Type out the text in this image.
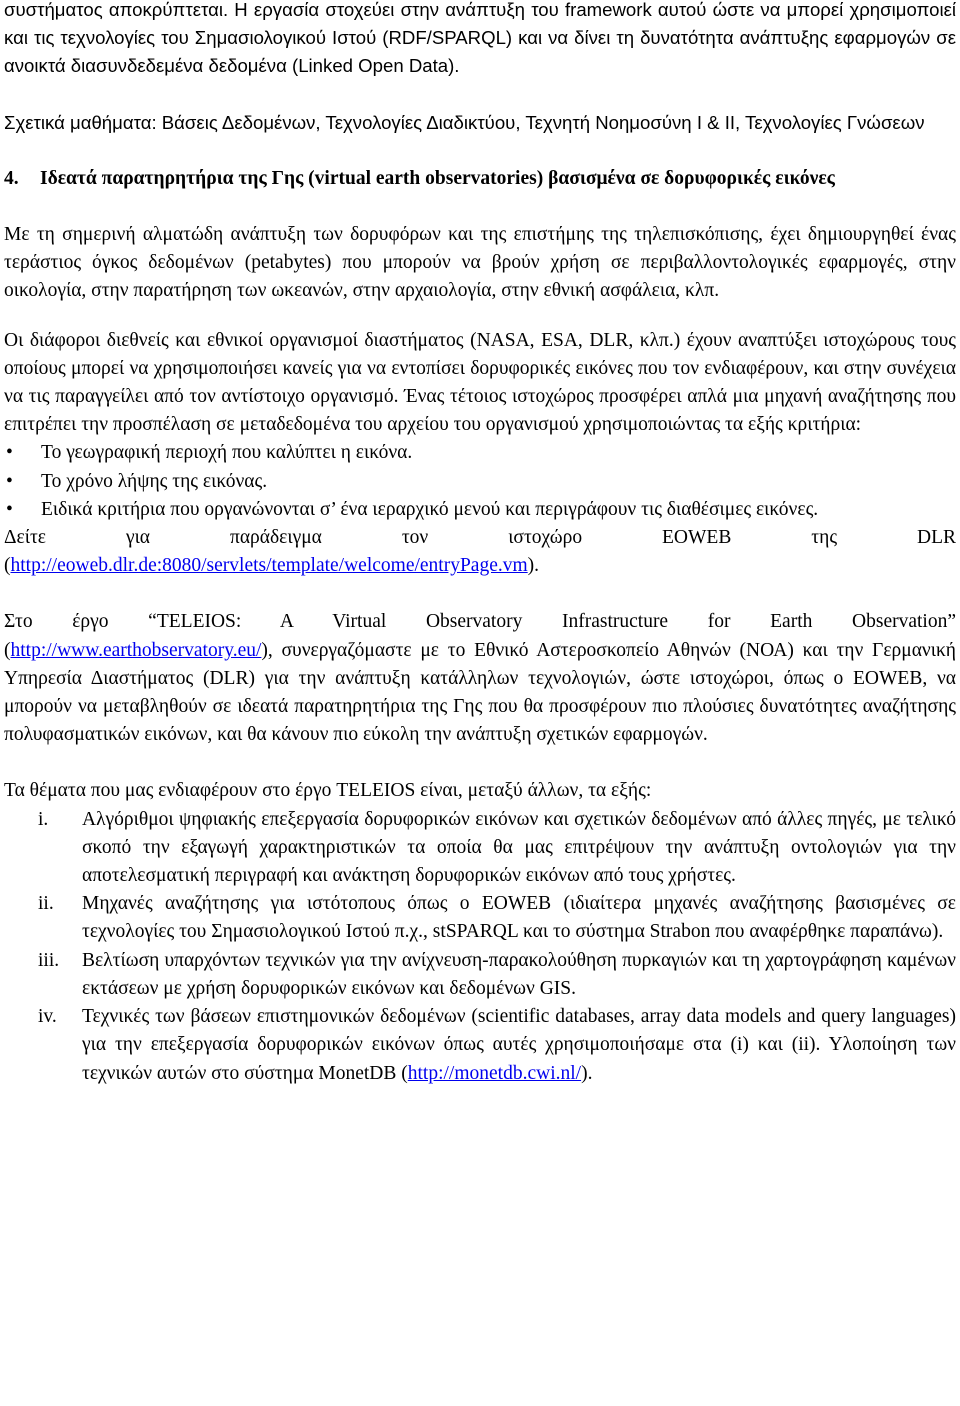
συστήματος αποκρύπτεται. Η εργασία στοχεύει στην ανάπτυξη του framework αυτού ώστε να μπορεί χρησιμοποιεί και τις τεχνολογίες του Σημασιολογικού Ιστού (RDF/SPARQL) και να δίνει τη δυνατότητα ανάπτυξης εφαρμογών σε ανοικτά διασυνδεδεμένα δεδομένα (Linked Open Data).

Σχετικά μαθήματα: Βάσεις Δεδομένων, Τεχνολογίες Διαδικτύου, Τεχνητή Νοημοσύνη Ι & ΙΙ, Τεχνολογίες Γνώσεων

4.	Ιδεατά παρατηρητήρια της Γης (virtual earth observatories) βασισμένα σε δορυφορικές εικόνες

Με τη σημερινή αλματώδη ανάπτυξη των δορυφόρων και της επιστήμης της τηλεπισκόπισης, έχει δημιουργηθεί ένας τεράστιος όγκος δεδομένων (petabytes) που μπορούν να βρούν χρήση σε περιβαλλοντολογικές εφαρμογές, στην οικολογία, στην παρατήρηση των ωκεανών, στην αρχαιολογία, στην εθνική ασφάλεια, κλπ.

Οι διάφοροι διεθνείς και εθνικοί οργανισμοί διαστήματος (NASA, ESA, DLR, κλπ.) έχουν αναπτύξει ιστοχώρους τους οποίους μπορεί να χρησιμοποιήσει κανείς για να εντοπίσει δορυφορικές εικόνες που τον ενδιαφέρουν, και στην συνέχεια να τις παραγγείλει από τον αντίστοιχο οργανισμό. Ένας τέτοιος ιστοχώρος προσφέρει απλά μια μηχανή αναζήτησης που επιτρέπει την προσπέλαση σε μεταδεδομένα του αρχείου του οργανισμού χρησιμοποιώντας τα εξής κριτήρια:

•	Το γεωγραφική περιοχή που καλύπτει η εικόνα.
•	Το χρόνο λήψης της εικόνας.
•	Ειδικά κριτήρια που οργανώνονται σ’ ένα ιεραρχικό μενού και περιγράφουν τις διαθέσιμες εικόνες.

Δείτε για παράδειγμα τον ιστοχώρο EOWEB της DLR

(http://eoweb.dlr.de:8080/servlets/template/welcome/entryPage.vm).

Στο έργο “TELEIOS: A Virtual Observatory Infrastructure for Earth Observation”

(http://www.earthobservatory.eu/), συνεργαζόμαστε με το Εθνικό Αστεροσκοπείο Αθηνών (ΝΟΑ) και την Γερμανική Υπηρεσία Διαστήματος (DLR) για την ανάπτυξη κατάλληλων τεχνολογιών, ώστε ιστοχώροι, όπως ο EOWEB, να μπορούν να μεταβληθούν σε ιδεατά παρατηρητήρια της Γης που θα προσφέρουν πιο πλούσιες δυνατότητες αναζήτησης πολυφασματικών εικόνων, και θα κάνουν πιο εύκολη την ανάπτυξη σχετικών εφαρμογών.

Τα θέματα που μας ενδιαφέρουν στο έργο TELEIOS είναι, μεταξύ άλλων, τα εξής:

i.	Αλγόριθμοι ψηφιακής επεξεργασία δορυφορικών εικόνων και σχετικών δεδομένων από άλλες πηγές, με τελικό σκοπό την εξαγωγή χαρακτηριστικών τα οποία θα μας επιτρέψουν την ανάπτυξη οντολογιών για την αποτελεσματική περιγραφή και ανάκτηση δορυφορικών εικόνων από τους χρήστες.
ii.	Μηχανές αναζήτησης για ιστότοπους όπως ο EOWEB (ιδιαίτερα μηχανές αναζήτησης βασισμένες σε τεχνολογίες του Σημασιολογικού Ιστού π.χ., stSPARQL και το σύστημα Strabon που αναφέρθηκε παραπάνω).
iii.	Βελτίωση υπαρχόντων τεχνικών για την ανίχνευση-παρακολούθηση πυρκαγιών και τη χαρτογράφηση καμένων εκτάσεων με χρήση δορυφορικών εικόνων και δεδομένων GIS.
iv.	Τεχνικές των βάσεων επιστημονικών δεδομένων (scientific databases, array data models and query languages) για την επεξεργασία δορυφορικών εικόνων όπως αυτές χρησιμοποιήσαμε στα (i) και (ii). Υλοποίηση των τεχνικών αυτών στο σύστημα MonetDB (http://monetdb.cwi.nl/).
